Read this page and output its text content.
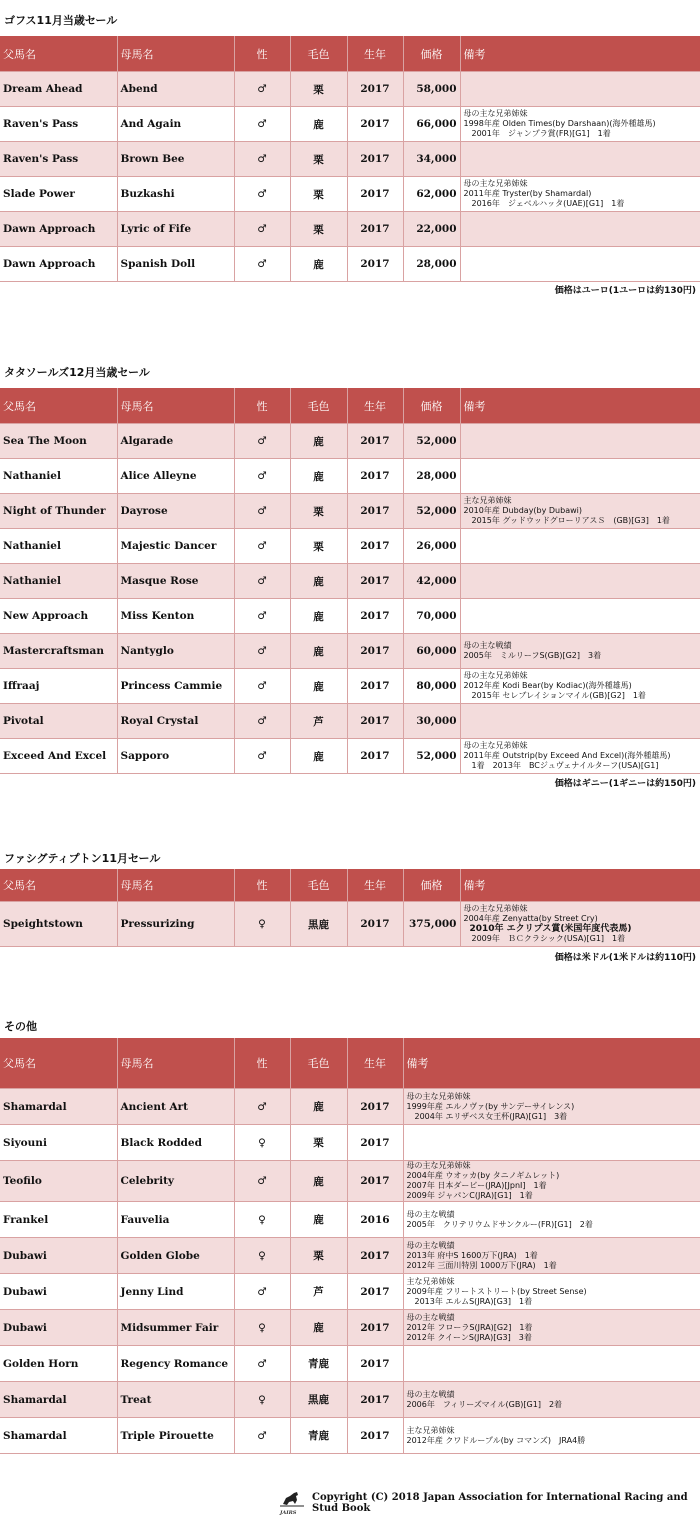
ゴフス11月当歳セール
父馬名	母馬名	性	毛色	生年	価格	備考
Dream Ahead	Abend	♂	栗	2017	58,000	
Raven's Pass	And Again	♂	鹿	2017	66,000	母の主な兄弟姉妹
1998年産 Olden Times(by Darshaan)(海外種雄馬)
　2001年　ジャンプラ賞(FR)[G1]　1着

Raven's Pass	Brown Bee	♂	栗	2017	34,000	
Slade Power	Buzkashi	♂	栗	2017	62,000	母の主な兄弟姉妹
2011年産 Tryster(by Shamardal)
　2016年　ジェベルハッタ(UAE)[G1]　1着

Dawn Approach	Lyric of Fife	♂	栗	2017	22,000	
Dawn Approach	Spanish Doll	♂	鹿	2017	28,000	
価格はユーロ(1ユーロは約130円)
タタソールズ12月当歳セール
父馬名	母馬名	性	毛色	生年	価格	備考
Sea The Moon	Algarade	♂	鹿	2017	52,000	
Nathaniel	Alice Alleyne	♂	鹿	2017	28,000	
Night of Thunder	Dayrose	♂	栗	2017	52,000	主な兄弟姉妹
2010年産 Dubday(by Dubawi)
　2015年 グッドウッドグローリアスＳ　(GB)[G3]　1着

Nathaniel	Majestic Dancer	♂	栗	2017	26,000	
Nathaniel	Masque Rose	♂	鹿	2017	42,000	
New Approach	Miss Kenton	♂	鹿	2017	70,000	
Mastercraftsman	Nantyglo	♂	鹿	2017	60,000	母の主な戦績
2005年　ミルリーフS(GB)[G2]　3着

Iffraaj	Princess Cammie	♂	鹿	2017	80,000	母の主な兄弟姉妹
2012年産 Kodi Bear(by Kodiac)(海外種雄馬)
　2015年 セレブレイションマイル(GB)[G2]　1着

Pivotal	Royal Crystal	♂	芦	2017	30,000	
Exceed And Excel	Sapporo	♂	鹿	2017	52,000	母の主な兄弟姉妹
2011年産 Outstrip(by Exceed And Excel)(海外種雄馬)
　1着　2013年　BCジュヴェナイルターフ(USA)[G1]
価格はギニー(1ギニーは約150円)
ファシグティプトン11月セール
父馬名	母馬名	性	毛色	生年	価格	備考
Speightstown	Pressurizing	♀	黒鹿	2017	375,000	母の主な兄弟姉妹
2004年産 Zenyatta(by Street Cry)
2010年 エクリプス賞(米国年度代表馬)
　2009年　ＢＣクラシック(USA)[G1]　1着
価格は米ドル(1米ドルは約110円)
その他
父馬名	母馬名	性	毛色	生年	備考
Shamardal	Ancient Art	♂	鹿	2017	母の主な兄弟姉妹
1999年産 エルノヴァ(by サンデーサイレンス)
　2004年 エリザベス女王杯(JRA)[G1]　3着

Siyouni	Black Rodded	♀	栗	2017	
Teofilo	Celebrity	♂	鹿	2017	母の主な兄弟姉妹
2004年産 ウオッカ(by タニノギムレット)
2007年 日本ダービー(JRA)[JpnⅠ]　1着
2009年 ジャパンC(JRA)[G1]　1着

Frankel	Fauvelia	♀	鹿	2016	母の主な戦績
2005年　クリテリウムドサンクルー(FR)[G1]　2着

Dubawi	Golden Globe	♀	栗	2017	母の主な戦績
2013年 府中S 1600万下(JRA)　1着
2012年 三面川特別 1000万下(JRA)　1着

Dubawi	Jenny Lind	♂	芦	2017	主な兄弟姉妹
2009年産 フリートストリート(by Street Sense)
　2013年 エルムS(JRA)[G3]　1着

Dubawi	Midsummer Fair	♀	鹿	2017	母の主な戦績
2012年 フローラS(JRA)[G2]　1着
2012年 クイーンS(JRA)[G3]　3着

Golden Horn	Regency Romance	♂	青鹿	2017	
Shamardal	Treat	♀	黒鹿	2017	母の主な戦績
2006年　フィリーズマイル(GB)[G1]　2着

Shamardal	Triple Pirouette	♂	青鹿	2017	主な兄弟姉妹
2012年産 クワドループル(by コマンズ)　JRA4勝
JAIRS
Copyright (C) 2018 Japan Association for International Racing and Stud Book
